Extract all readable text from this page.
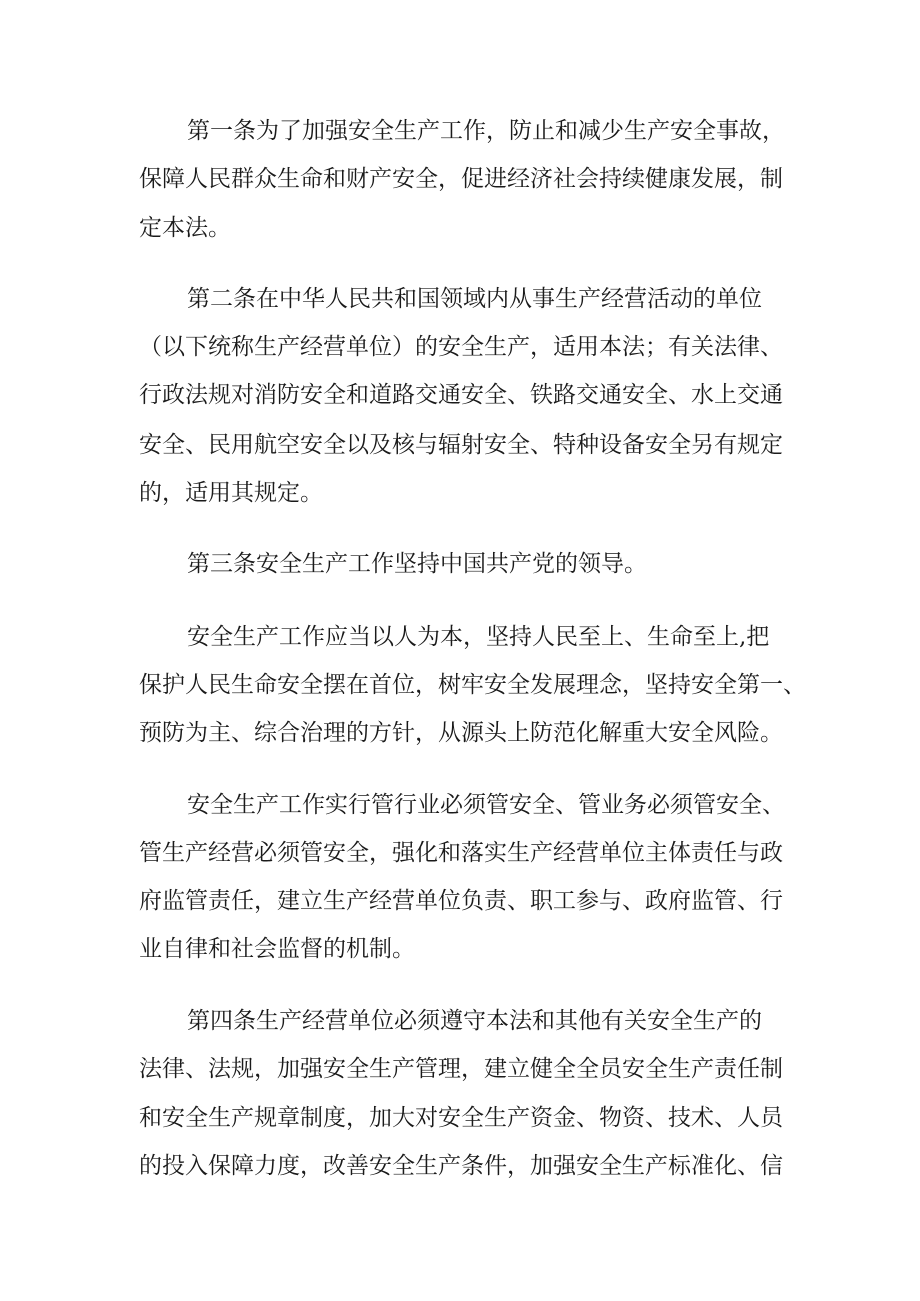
第一条为了加强安全生产工作，防止和减少生产安全事故，

保障人民群众生命和财产安全，促进经济社会持续健康发展，制

定本法。

第二条在中华人民共和国领域内从事生产经营活动的单位

（以下统称生产经营单位）的安全生产，适用本法；有关法律、

行政法规对消防安全和道路交通安全、铁路交通安全、水上交通

安全、民用航空安全以及核与辐射安全、特种设备安全另有规定

的，适用其规定。

第三条安全生产工作坚持中国共产党的领导。

安全生产工作应当以人为本，坚持人民至上、生命至上,把

保护人民生命安全摆在首位，树牢安全发展理念，坚持安全第一、

预防为主、综合治理的方针，从源头上防范化解重大安全风险。

安全生产工作实行管行业必须管安全、管业务必须管安全、

管生产经营必须管安全，强化和落实生产经营单位主体责任与政

府监管责任，建立生产经营单位负责、职工参与、政府监管、行

业自律和社会监督的机制。

第四条生产经营单位必须遵守本法和其他有关安全生产的

法律、法规，加强安全生产管理，建立健全全员安全生产责任制

和安全生产规章制度，加大对安全生产资金、物资、技术、人员

的投入保障力度，改善安全生产条件，加强安全生产标准化、信
